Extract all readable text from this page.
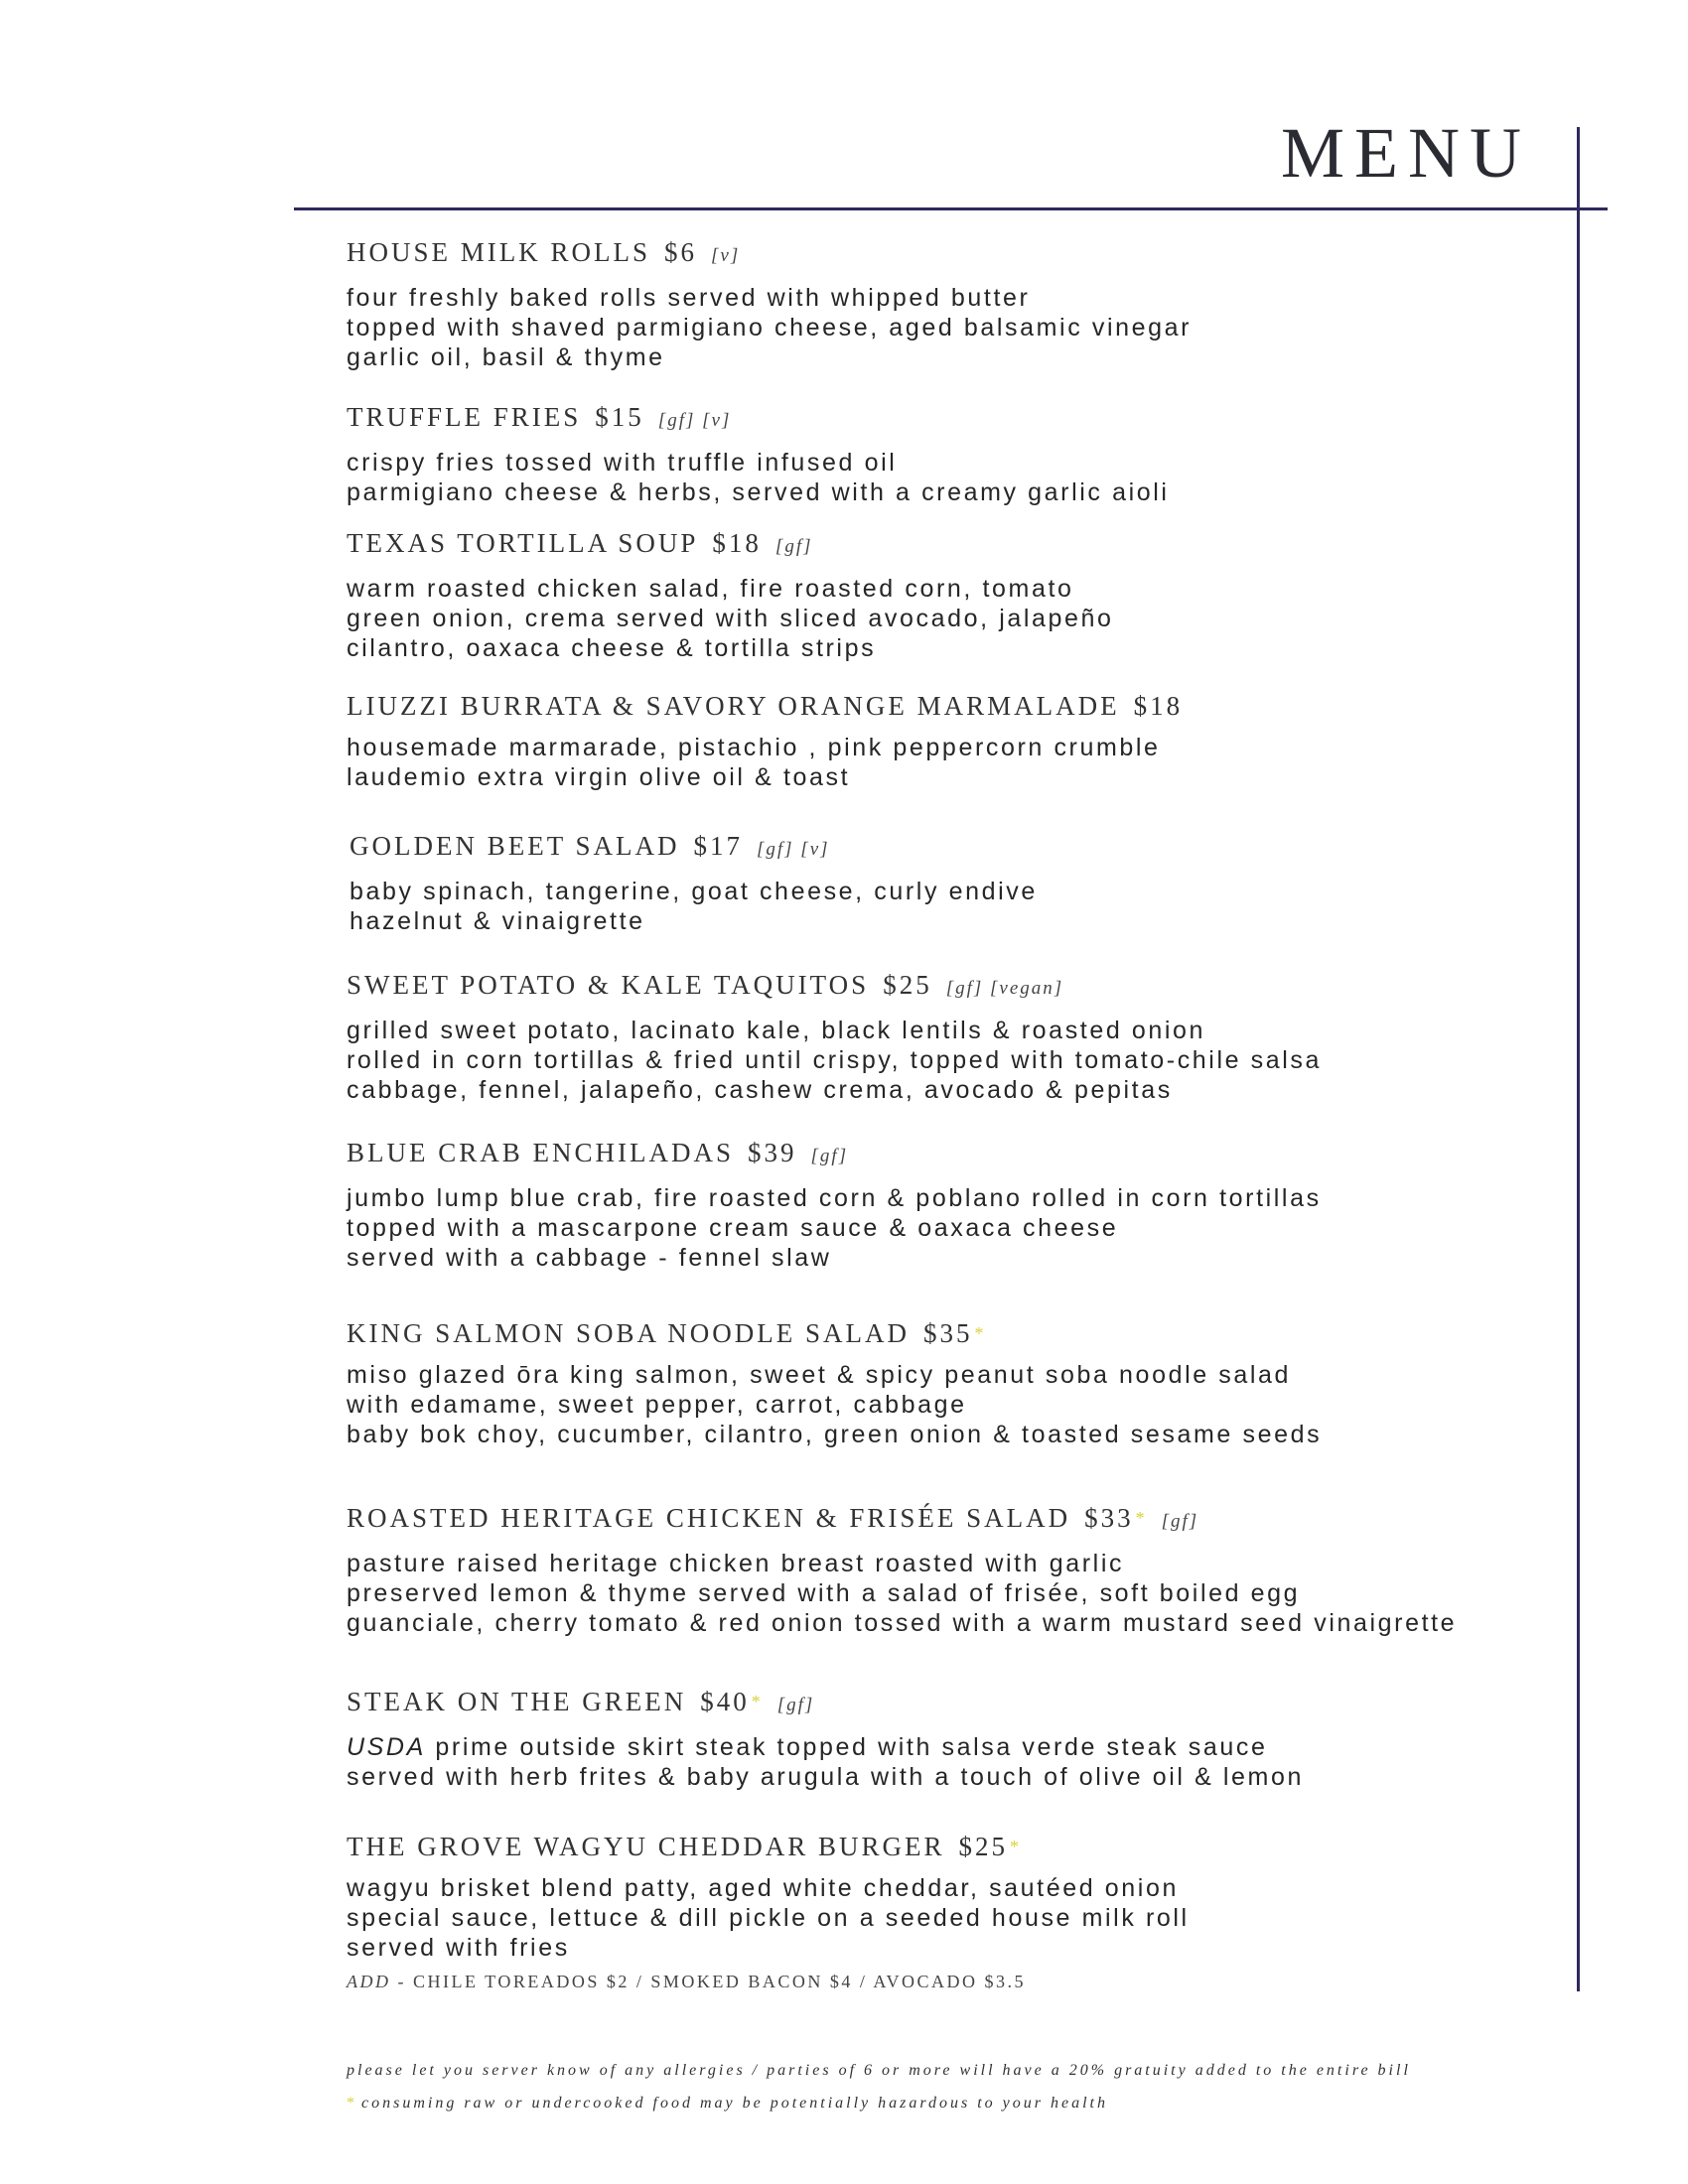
MENU
HOUSE MILK ROLLS $6 [v]
four freshly baked rolls served with whipped butter
topped with shaved parmigiano cheese, aged balsamic vinegar
garlic oil, basil & thyme
TRUFFLE FRIES $15 [gf] [v]
crispy fries tossed with truffle infused oil
parmigiano cheese & herbs, served with a creamy garlic aioli
TEXAS TORTILLA SOUP $18 [gf]
warm roasted chicken salad, fire roasted corn, tomato
green onion, crema served with sliced avocado, jalapeño
cilantro, oaxaca cheese & tortilla strips
LIUZZI BURRATA & SAVORY ORANGE MARMALADE $18
housemade marmarade, pistachio , pink peppercorn crumble
laudemio extra virgin olive oil & toast
GOLDEN BEET SALAD $17 [gf] [v]
baby spinach, tangerine, goat cheese, curly endive
hazelnut & vinaigrette
SWEET POTATO & KALE TAQUITOS $25 [gf] [vegan]
grilled sweet potato, lacinato kale, black lentils & roasted onion
rolled in corn tortillas & fried until crispy, topped with tomato-chile salsa
cabbage, fennel, jalapeño, cashew crema, avocado & pepitas
BLUE CRAB ENCHILADAS $39 [gf]
jumbo lump blue crab, fire roasted corn & poblano rolled in corn tortillas
topped with a mascarpone cream sauce & oaxaca cheese
served with a cabbage - fennel slaw
KING SALMON SOBA NOODLE SALAD $35 *
miso glazed ōra king salmon, sweet & spicy peanut soba noodle salad
with edamame, sweet pepper, carrot, cabbage
baby bok choy, cucumber, cilantro, green onion & toasted sesame seeds
ROASTED HERITAGE CHICKEN & FRISÉE SALAD $33 * [gf]
pasture raised heritage chicken breast roasted with garlic
preserved lemon & thyme served with a salad of frisée, soft boiled egg
guanciale, cherry tomato & red onion tossed with a warm mustard seed vinaigrette
STEAK ON THE GREEN $40 * [gf]
USDA prime outside skirt steak topped with salsa verde steak sauce
served with herb frites & baby arugula with a touch of olive oil & lemon
THE GROVE WAGYU CHEDDAR BURGER $25 *
wagyu brisket blend patty, aged white cheddar, sautéed onion
special sauce, lettuce & dill pickle on a seeded house milk roll
served with fries
ADD - CHILE TOREADOS $2 / SMOKED BACON $4 / AVOCADO $3.5
please let you server know of any allergies / parties of 6 or more will have a 20% gratuity added to the entire bill
* consuming raw or undercooked food may be potentially hazardous to your health
